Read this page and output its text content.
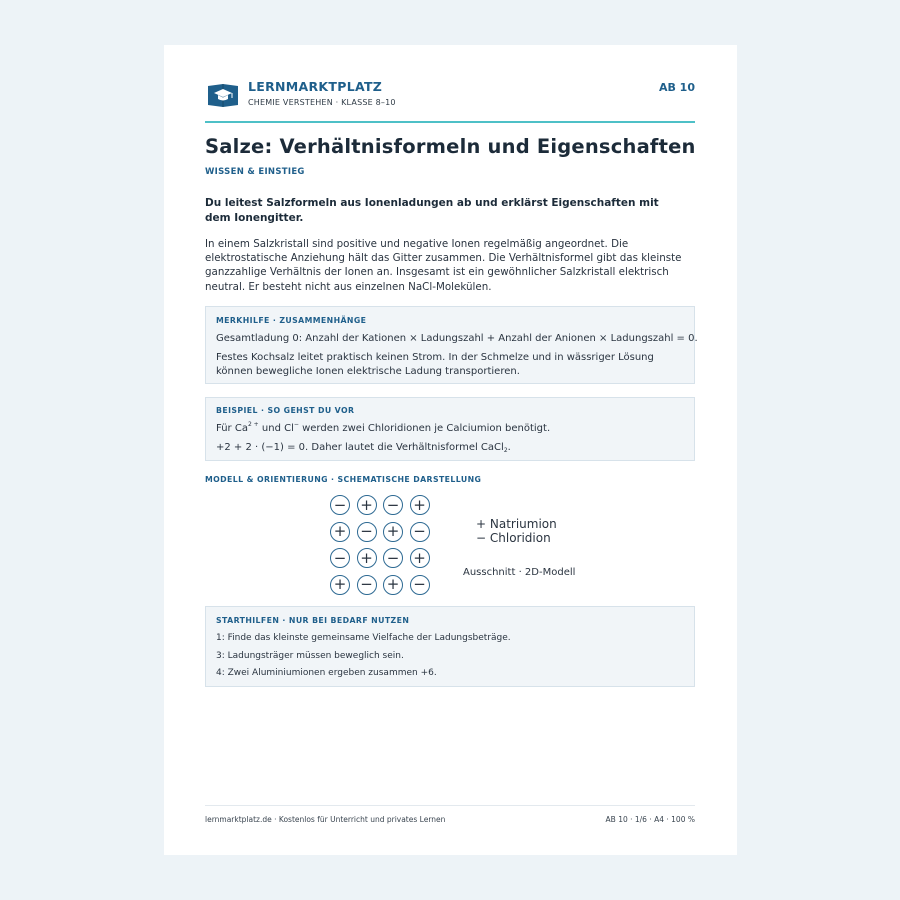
LERNMARKTPLATZ
CHEMIE VERSTEHEN · KLASSE 8–10
AB 10
Salze: Verhältnisformeln und Eigenschaften
WISSEN & EINSTIEG
Du leitest Salzformeln aus Ionenladungen ab und erklärst Eigenschaften mit dem Ionengitter.
In einem Salzkristall sind positive und negative Ionen regelmäßig angeordnet. Die elektrostatische Anziehung hält das Gitter zusammen. Die Verhältnisformel gibt das kleinste ganzzahlige Verhältnis der Ionen an. Insgesamt ist ein gewöhnlicher Salzkristall elektrisch neutral. Er besteht nicht aus einzelnen NaCl-Molekülen.
MERKHILFE · ZUSAMMENHÄNGE
Gesamtladung 0: Anzahl der Kationen × Ladungszahl + Anzahl der Anionen × Ladungszahl = 0.
Festes Kochsalz leitet praktisch keinen Strom. In der Schmelze und in wässriger Lösung können bewegliche Ionen elektrische Ladung transportieren.
BEISPIEL · SO GEHST DU VOR
Für $Ca^{2 +}$ und Cl− werden zwei Chloridionen je Calciumion benötigt.
+2 + 2 · (−1) = 0. Daher lautet die Verhältnisformel CaCl$_2$.
MODELL & ORIENTIERUNG · SCHEMATISCHE DARSTELLUNG
− + − +
+ − + −
− + − +
+ − + −
+ Natriumion
− Chloridion
Ausschnitt · 2D-Modell
STARTHILFEN · NUR BEI BEDARF NUTZEN
1: Finde das kleinste gemeinsame Vielfache der Ladungsbeträge.
3: Ladungsträger müssen beweglich sein.
4: Zwei Aluminiumionen ergeben zusammen +6.
lernmarktplatz.de · Kostenlos für Unterricht und privates Lernen	AB 10 · 1/6 · A4 · 100 %
